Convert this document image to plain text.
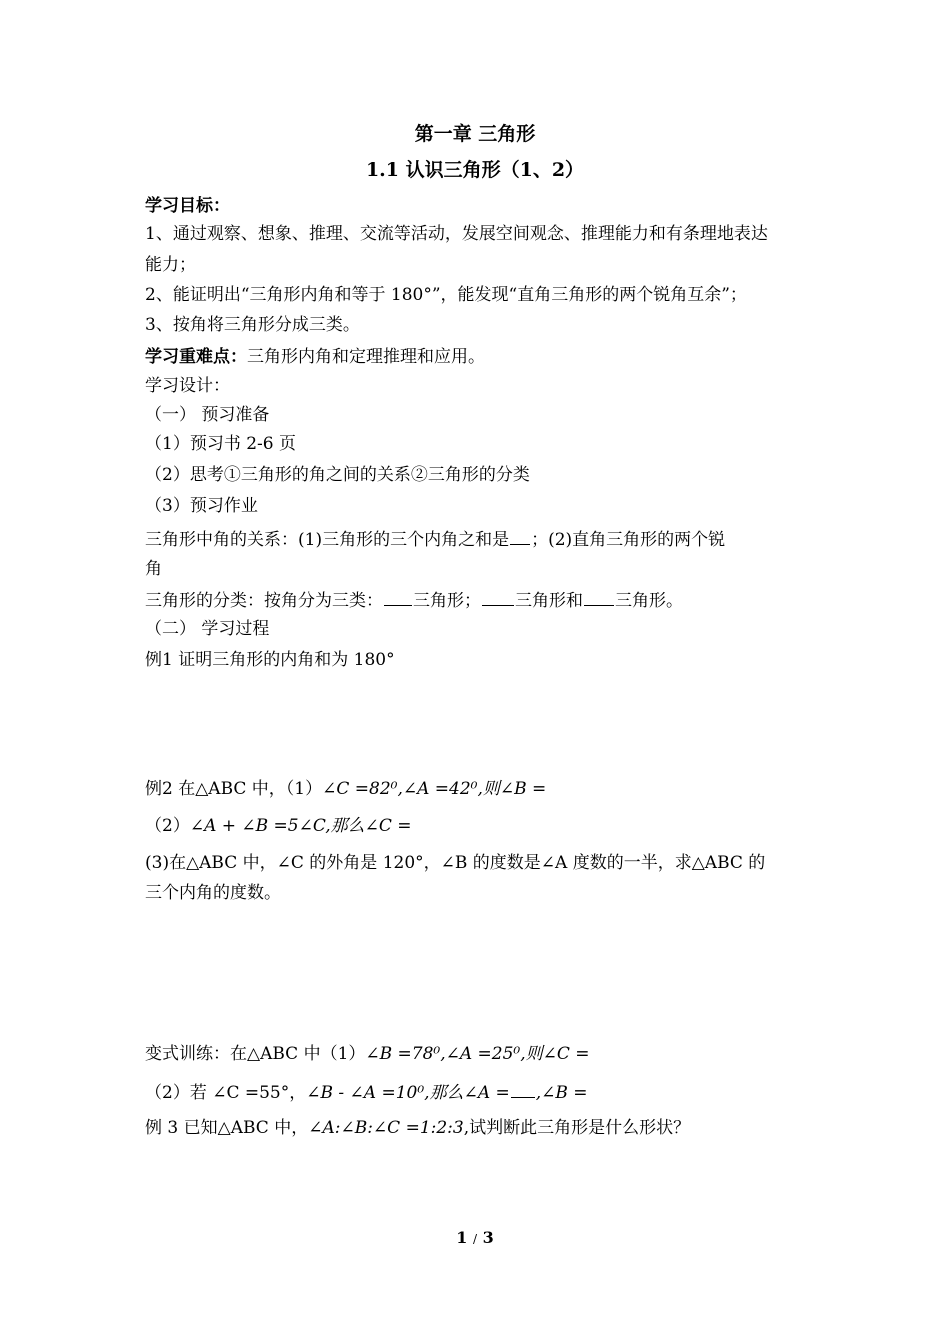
第一章 三角形
1.1 认识三角形（1、2）
学习目标：
1、通过观察、想象、推理、交流等活动，发展空间观念、推理能力和有条理地表达
能力；
2、能证明出“三角形内角和等于 180°”，能发现“直角三角形的两个锐角互余”；
3、按角将三角形分成三类。
学习重难点：三角形内角和定理推理和应用。
学习设计：
（一） 预习准备
（1）预习书 2-6 页
（2）思考①三角形的角之间的关系②三角形的分类
（3）预习作业
三角形中角的关系：(1)三角形的三个内角之和是 ；(2)直角三角形的两个锐
角
三角形的分类：按角分为三类： 三角形； 三角形和 三角形。
（二） 学习过程
例1 证明三角形的内角和为 180°
例2 在△ABC 中，（1）∠C =82⁰,∠A =42⁰,则∠B =
（2）∠A + ∠B =5∠C,那么∠C =
(3)在△ABC 中，∠C 的外角是 120°，∠B 的度数是∠A 度数的一半，求△ABC 的
三个内角的度数。
变式训练：在△ABC 中（1）∠B =78⁰,∠A =25⁰,则∠C =
（2）若 ∠C =55°，∠B - ∠A =10⁰,那么∠A = ,∠B =
例 3 已知△ABC 中，∠A:∠B:∠C =1:2:3,试判断此三角形是什么形状？
1 / 3
